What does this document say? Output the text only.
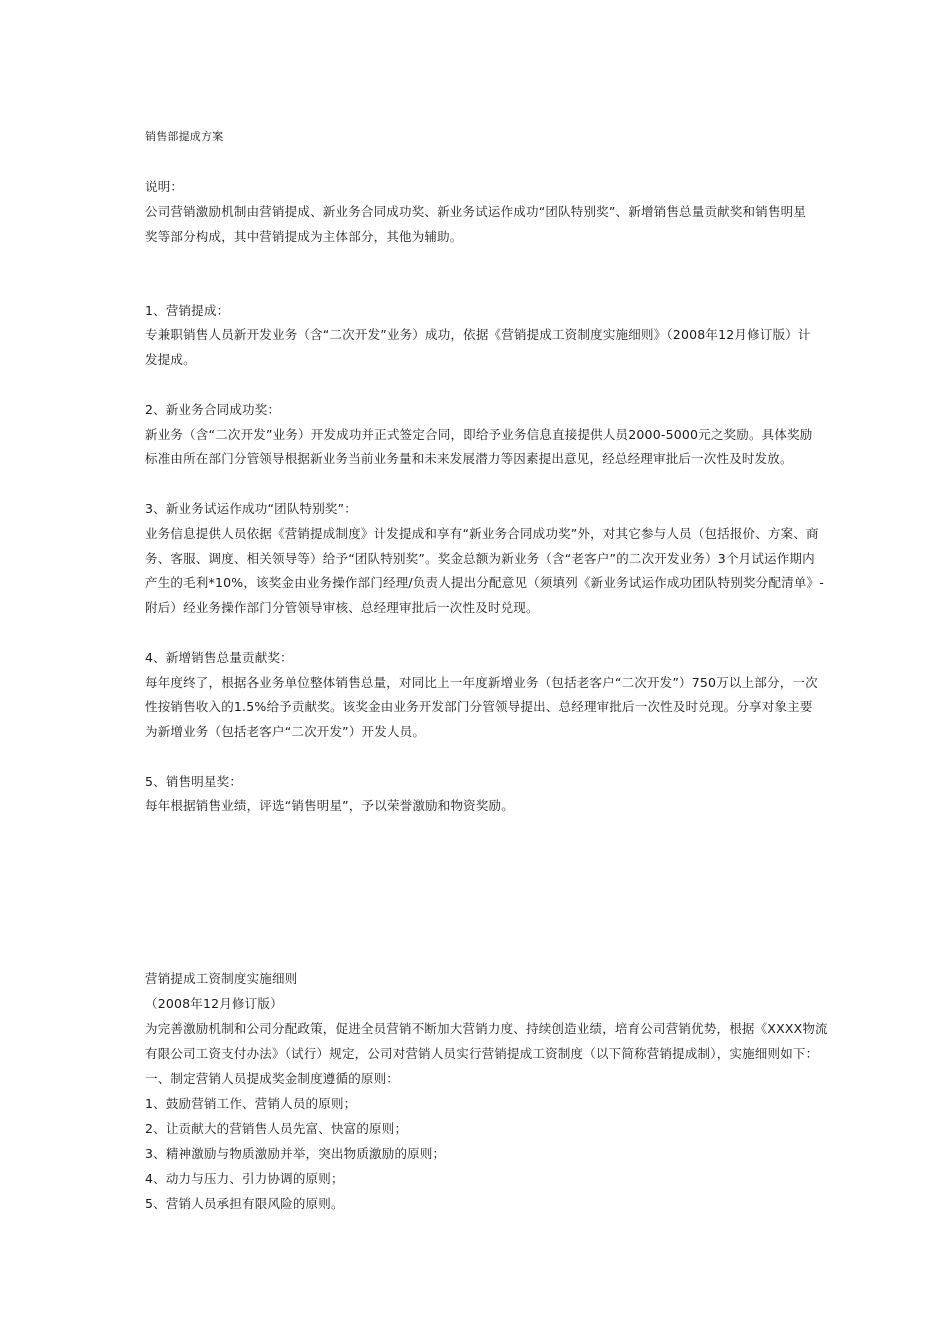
销售部提成方案
说明：
公司营销激励机制由营销提成、新业务合同成功奖、新业务试运作成功“团队特别奖”、新增销售总量贡献奖和销售明星
奖等部分构成，其中营销提成为主体部分，其他为辅助。
1、营销提成：
专兼职销售人员新开发业务（含“二次开发”业务）成功，依据《营销提成工资制度实施细则》（2008年12月修订版）计
发提成。
2、新业务合同成功奖：
新业务（含“二次开发”业务）开发成功并正式签定合同，即给予业务信息直接提供人员2000-5000元之奖励。具体奖励
标准由所在部门分管领导根据新业务当前业务量和未来发展潜力等因素提出意见，经总经理审批后一次性及时发放。
3、新业务试运作成功“团队特别奖”：
业务信息提供人员依据《营销提成制度》计发提成和享有“新业务合同成功奖”外，对其它参与人员（包括报价、方案、商
务、客服、调度、相关领导等）给予“团队特别奖”。奖金总额为新业务（含“老客户”的二次开发业务）3个月试运作期内
产生的毛利*10%，该奖金由业务操作部门经理/负责人提出分配意见（须填列《新业务试运作成功团队特别奖分配清单》-
附后）经业务操作部门分管领导审核、总经理审批后一次性及时兑现。
4、新增销售总量贡献奖：
每年度终了，根据各业务单位整体销售总量，对同比上一年度新增业务（包括老客户“二次开发”）750万以上部分，一次
性按销售收入的1.5%给予贡献奖。该奖金由业务开发部门分管领导提出、总经理审批后一次性及时兑现。分享对象主要
为新增业务（包括老客户“二次开发”）开发人员。
5、销售明星奖：
每年根据销售业绩，评选“销售明星”，予以荣誉激励和物资奖励。
营销提成工资制度实施细则
（2008年12月修订版）
为完善激励机制和公司分配政策，促进全员营销不断加大营销力度、持续创造业绩，培育公司营销优势，根据《XXXX物流
有限公司工资支付办法》（试行）规定，公司对营销人员实行营销提成工资制度（以下简称营销提成制），实施细则如下：
一、制定营销人员提成奖金制度遵循的原则：
1、鼓励营销工作、营销人员的原则；
2、让贡献大的营销售人员先富、快富的原则；
3、精神激励与物质激励并举，突出物质激励的原则；
4、动力与压力、引力协调的原则；
5、营销人员承担有限风险的原则。
